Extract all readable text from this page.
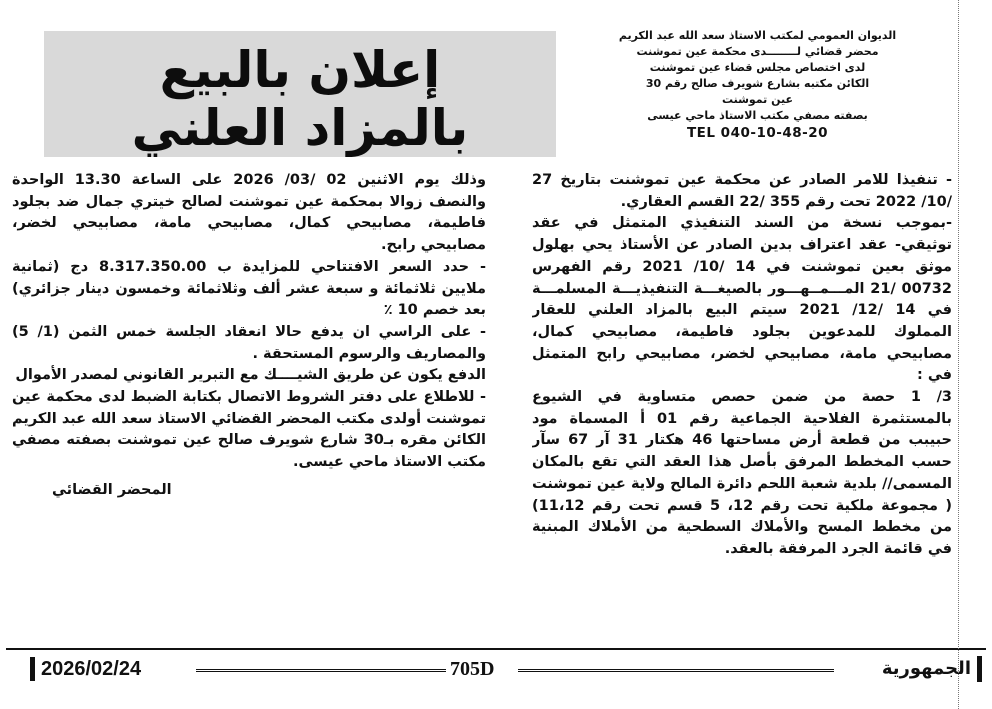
الديوان العمومي لمكتب الاستاذ سعد الله عبد الكريم
محضر قضائي لــــــــدى محكمة عين تموشنت
لدى اختصاص مجلس قضاء عين تموشنت
الكائن مكتبه بشارع شويرف صالح رقم 30
عين تموشنت
بصفته مصفي مكتب الاستاذ ماحي عيسى
TEL 040-10-48-20
إعلان بالبيع
بالمزاد العلني

- تنفيذا للامر الصادر عن محكمة عين تموشنت بتاريخ 27 /10/ 2022 تحت رقم 355 /22 القسم العقاري.

-بموجب نسخة من السند التنفيذي المتمثل في عقد توثيقي- عقد اعتراف بدين الصادر عن الأستاذ يحي بهلول موثق بعين تموشنت في 14 /10/ 2021 رقم الفهرس 00732 /21 المـــمــهـــور بالصيغـــة التنفيذيـــة المسلمـــة في 14 /12/ 2021 سيتم البيع بالمزاد العلني للعقار المملوك للمدعوين بجلود فاطيمة، مصابيحي كمال، مصابيحي مامة، مصابيحي لخضر، مصابيحي رابح المتمثل في :

3/ 1 حصة من ضمن حصص متساوية في الشيوع بالمستثمرة الفلاحية الجماعية رقم 01 أ المسماة مود حبيبب من قطعة أرض مساحتها 46 هكتار 31 آر 67 سآر حسب المخطط المرفق بأصل هذا العقد التي تقع بالمكان المسمى// بلدية شعبة اللحم دائرة المالح ولاية عين تموشنت ( مجموعة ملكية تحت رقم 12، 5 قسم تحت رقم 11،12) من مخطط المسح والأملاك السطحية من الأملاك المبنية في قائمة الجرد المرفقة بالعقد.

وذلك يوم الاثنين 02 /03/ 2026 على الساعة 13.30 الواحدة والنصف زوالا بمحكمة عين تموشنت لصالح خيتري جمال ضد بجلود فاطيمة، مصابيحي كمال، مصابيحي مامة، مصابيحي لخضر، مصابيحي رابح.

- حدد السعر الافتتاحي للمزايدة ب 8.317.350.00 دج (ثمانية ملايين ثلاثمائة و سبعة عشر ألف وثلاثمائة وخمسون دينار جزائري) بعد خصم 10 ٪

- على الراسي ان يدفع حالا انعقاد الجلسة خمس الثمن (1/ 5) والمصاريف والرسوم المستحقة .

الدفع يكون عن طريق الشيــــك مع التبرير القانوني لمصدر الأموال

- للاطلاع على دفتر الشروط الاتصال بكتابة الضبط لدى محكمة عين تموشنت أولدى مكتب المحضر القضائي الاستاذ سعد الله عبد الكريم الكائن مقره بـ30 شارع شويرف صالح عين تموشنت بصفته مصفي مكتب الاستاذ ماحي عيسى.

المحضر القضائي

2026/02/24	705D	الجمهورية
